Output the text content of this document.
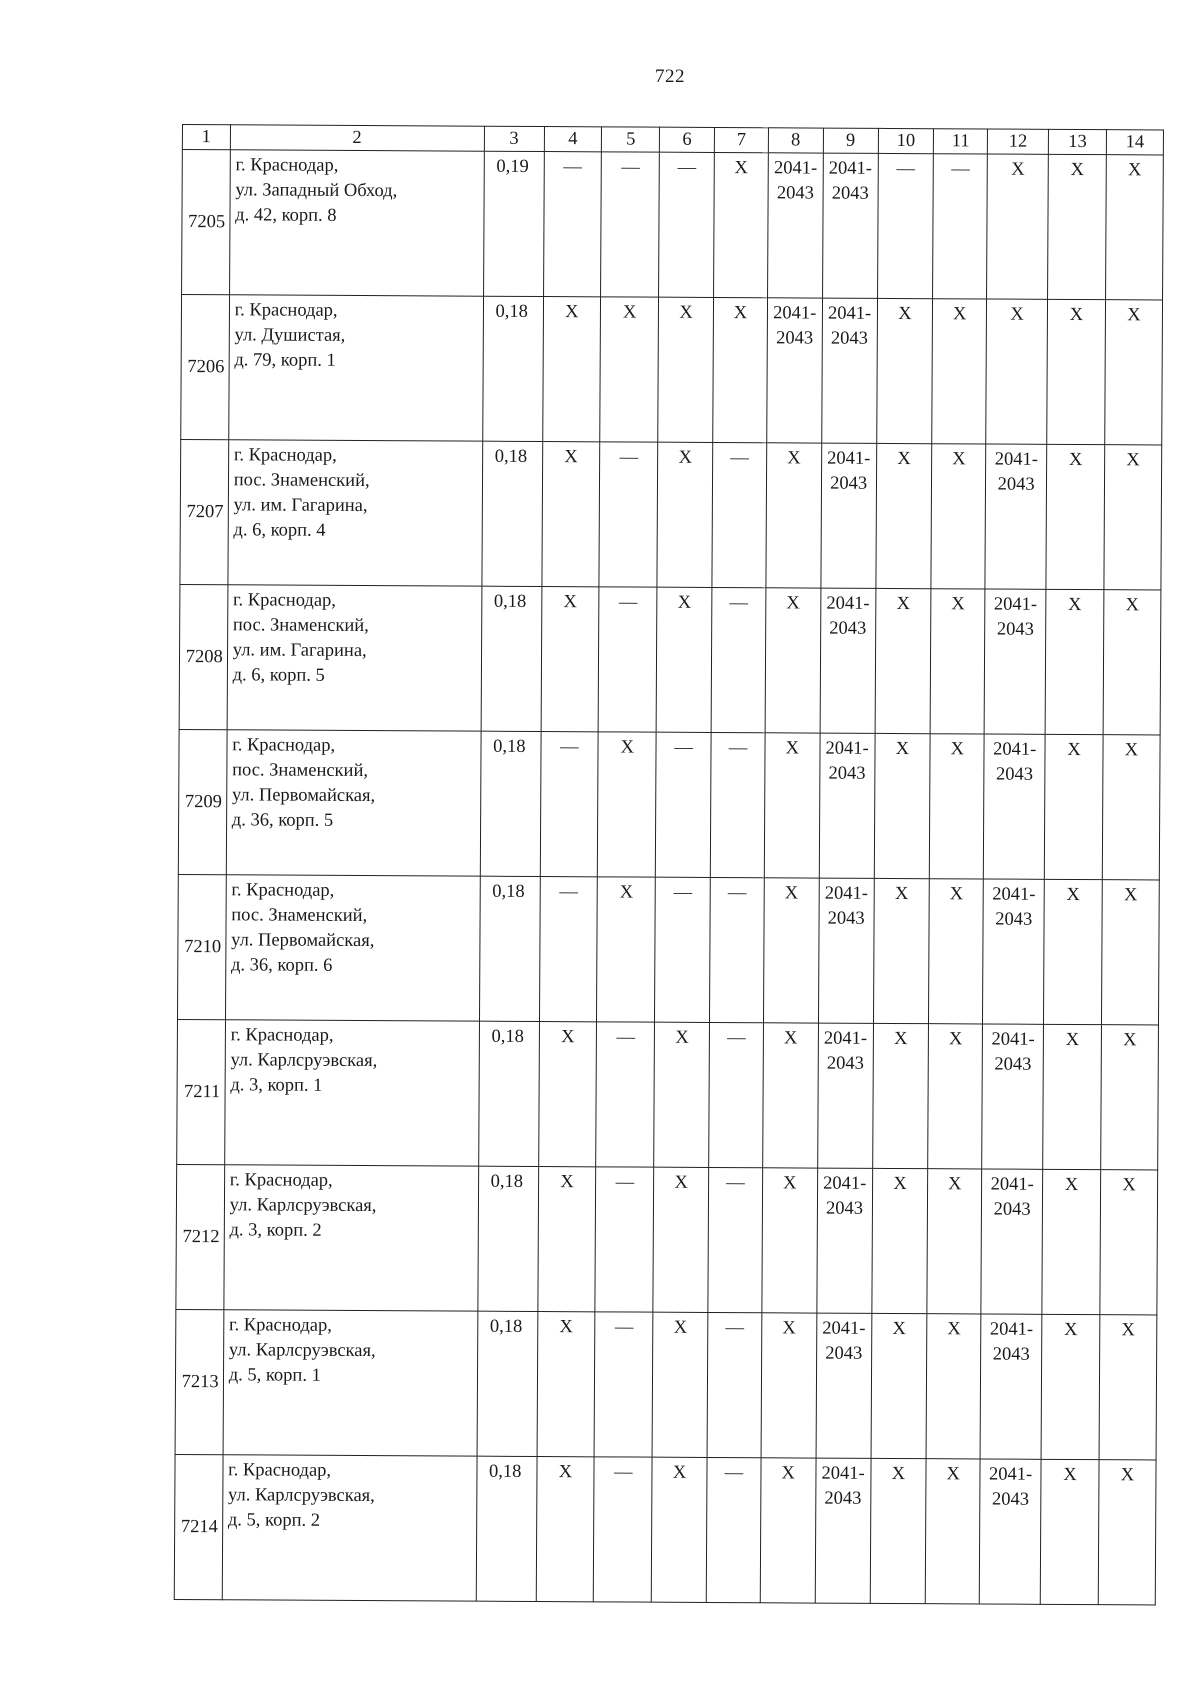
722
1	2	3	4	5	6	7	8	9	10	11	12	13	14
7205	г. Краснодар,
ул. Западный Обход,
д. 42, корп. 8	0,19	—	—	—	X	2041-
2043	2041-
2043	—	—	X	X	X
7206	г. Краснодар,
ул. Душистая,
д. 79, корп. 1	0,18	X	X	X	X	2041-
2043	2041-
2043	X	X	X	X	X
7207	г. Краснодар,
пос. Знаменский,
ул. им. Гагарина,
д. 6, корп. 4	0,18	X	—	X	—	X	2041-
2043	X	X	2041-
2043	X	X
7208	г. Краснодар,
пос. Знаменский,
ул. им. Гагарина,
д. 6, корп. 5	0,18	X	—	X	—	X	2041-
2043	X	X	2041-
2043	X	X
7209	г. Краснодар,
пос. Знаменский,
ул. Первомайская,
д. 36, корп. 5	0,18	—	X	—	—	X	2041-
2043	X	X	2041-
2043	X	X
7210	г. Краснодар,
пос. Знаменский,
ул. Первомайская,
д. 36, корп. 6	0,18	—	X	—	—	X	2041-
2043	X	X	2041-
2043	X	X
7211	г. Краснодар,
ул. Карлсруэвская,
д. 3, корп. 1	0,18	X	—	X	—	X	2041-
2043	X	X	2041-
2043	X	X
7212	г. Краснодар,
ул. Карлсруэвская,
д. 3, корп. 2	0,18	X	—	X	—	X	2041-
2043	X	X	2041-
2043	X	X
7213	г. Краснодар,
ул. Карлсруэвская,
д. 5, корп. 1	0,18	X	—	X	—	X	2041-
2043	X	X	2041-
2043	X	X
7214	г. Краснодар,
ул. Карлсруэвская,
д. 5, корп. 2	0,18	X	—	X	—	X	2041-
2043	X	X	2041-
2043	X	X
